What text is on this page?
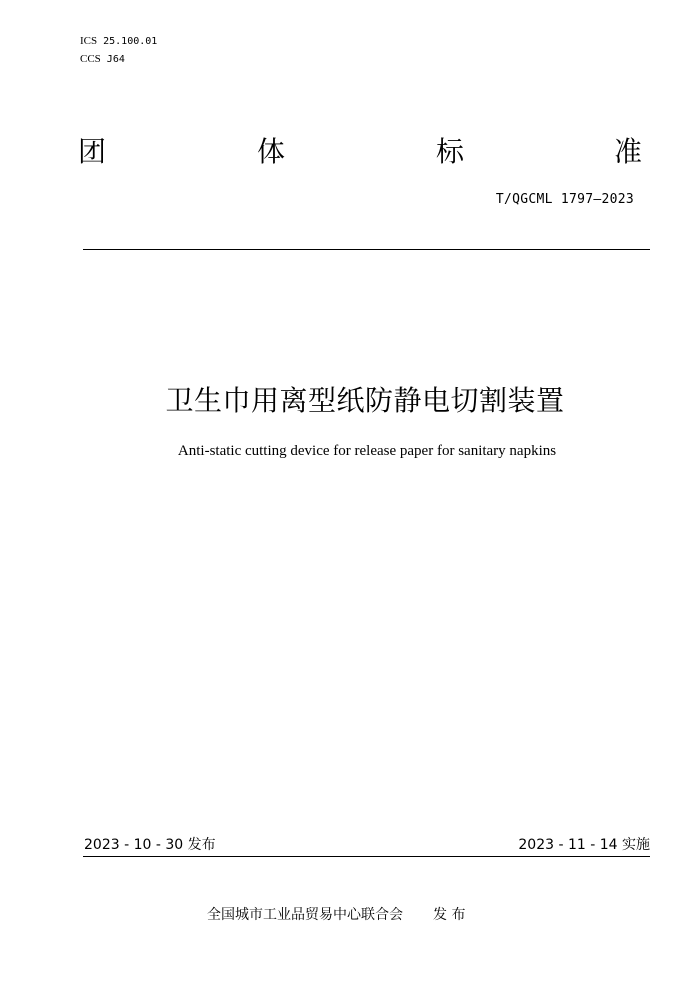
ICS 25.100.01
CCS J64
团	体	标	准
T/QGCML 1797—2023
卫生巾用离型纸防静电切割装置
Anti-static cutting device for release paper for sanitary napkins
2023 - 10 - 30 发布	2023 - 11 - 14 实施
全国城市工业品贸易中心联合会 发 布
